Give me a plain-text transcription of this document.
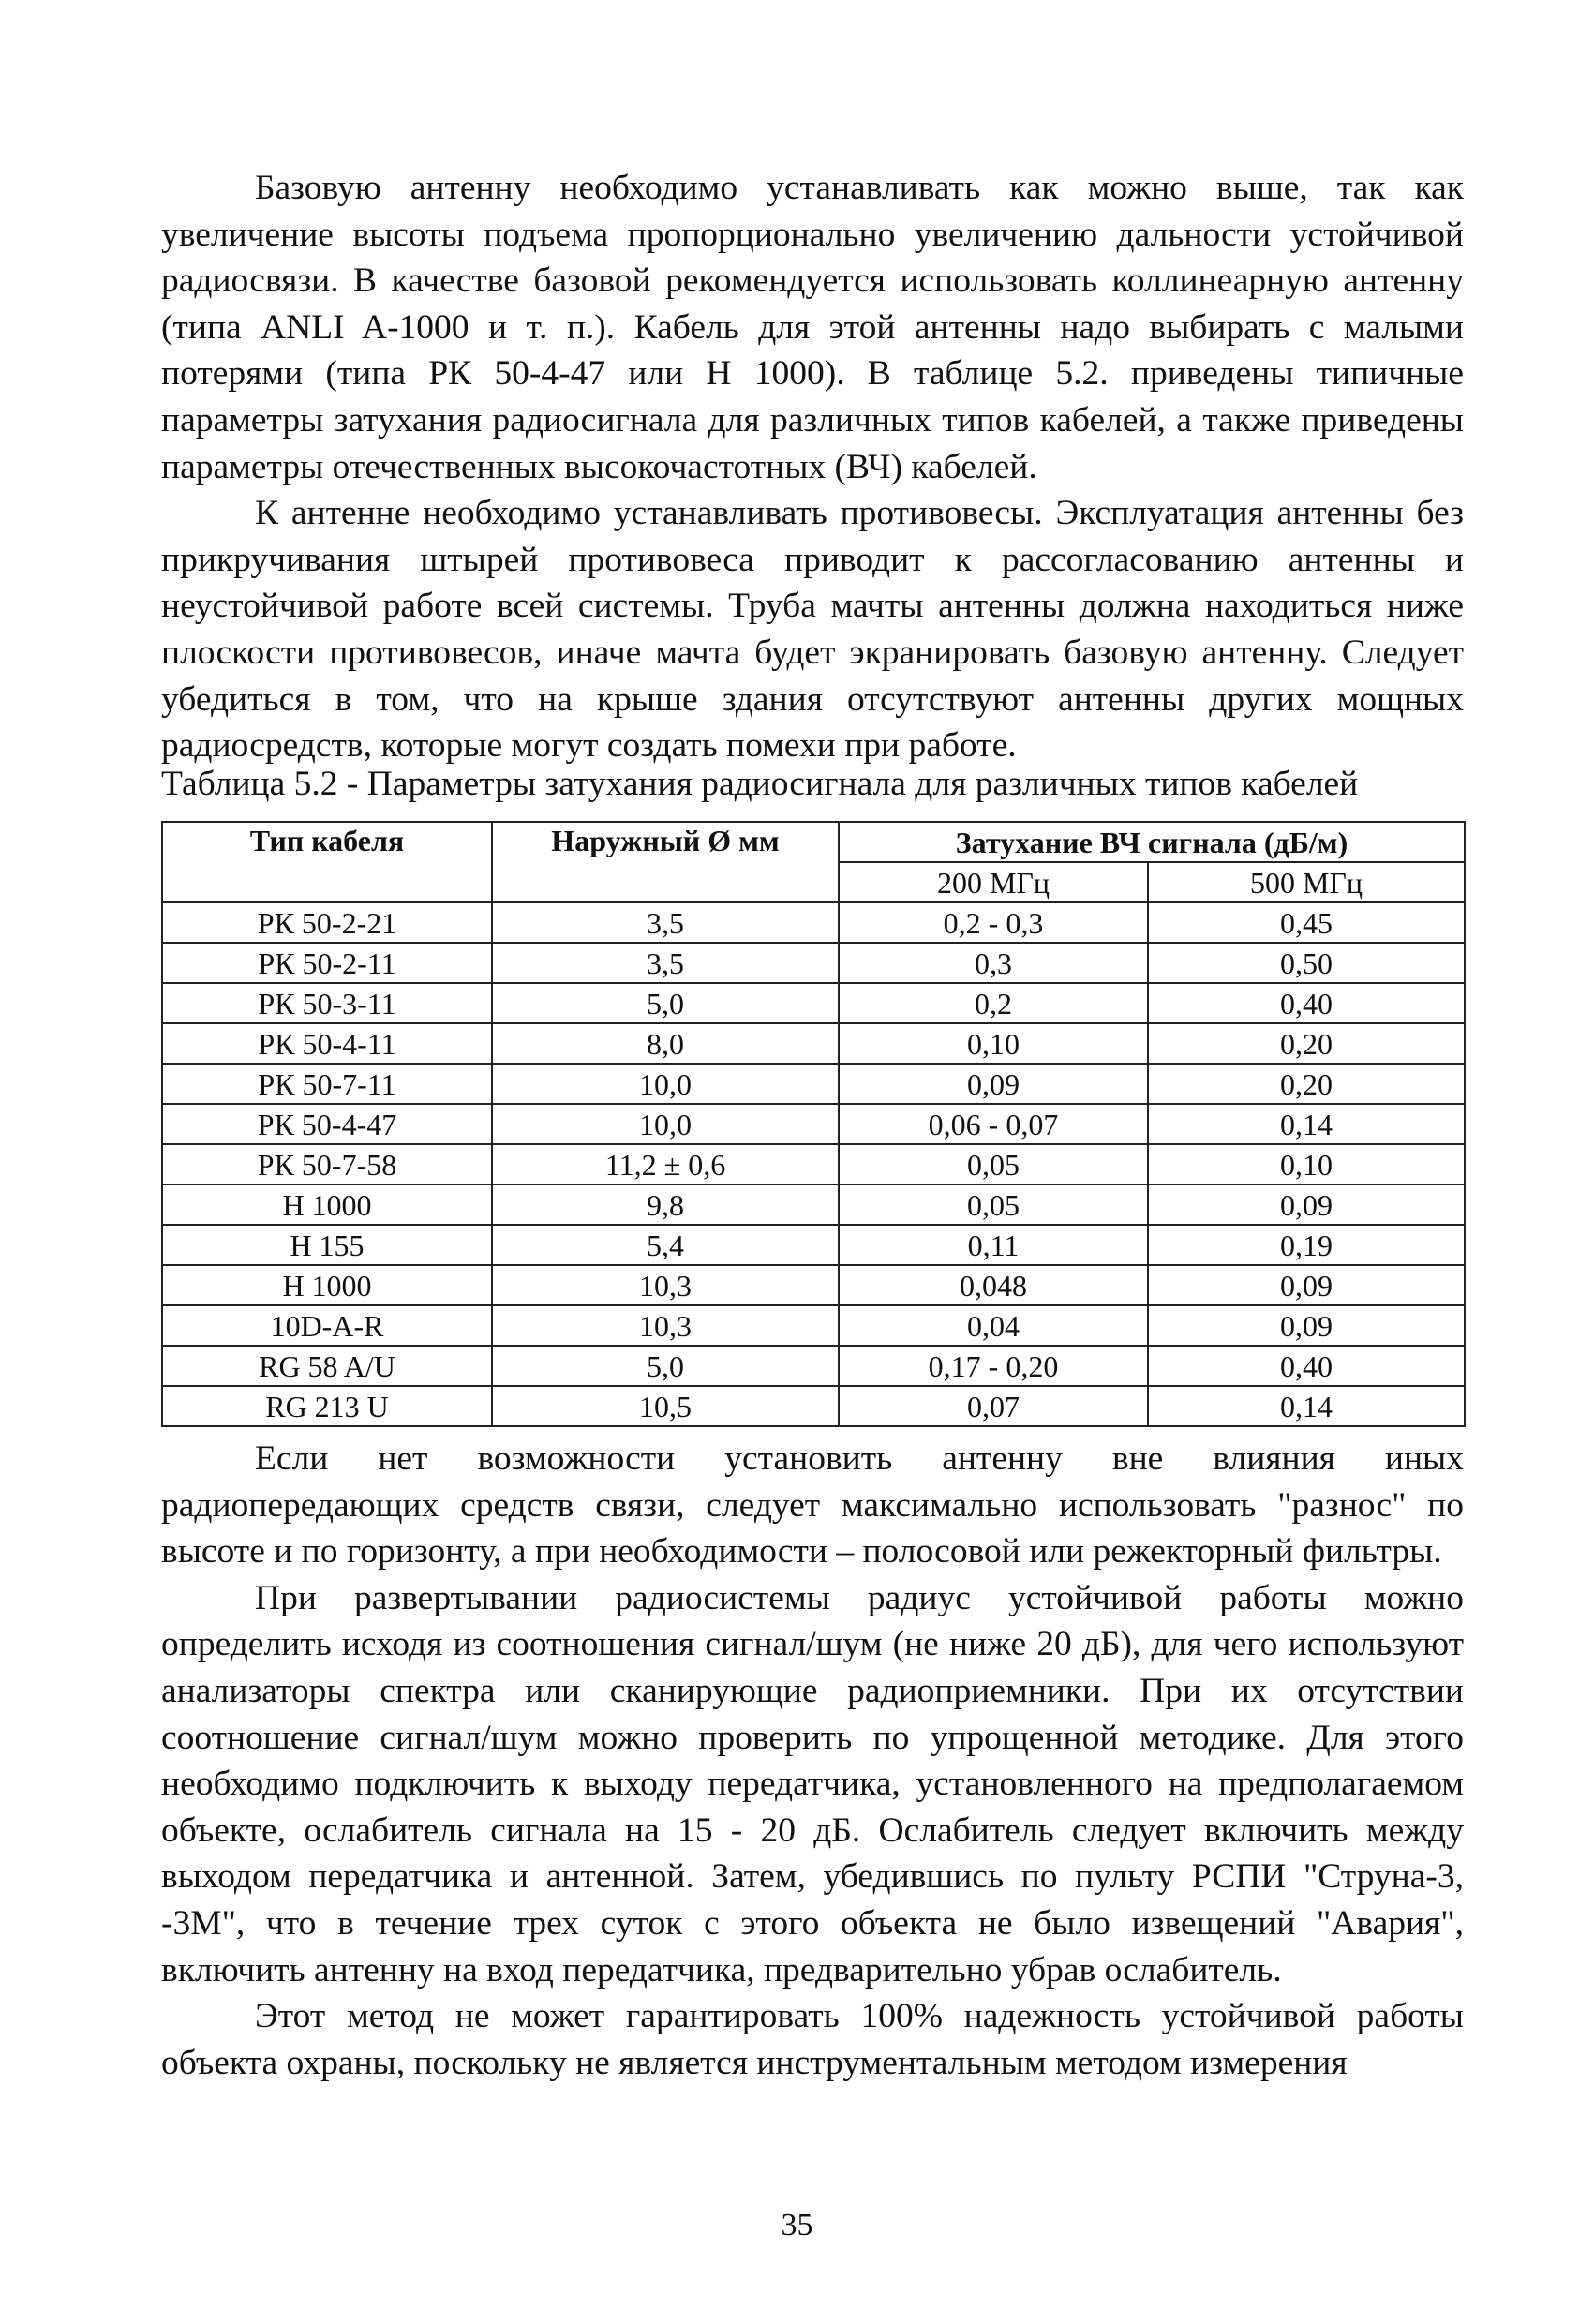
Базовую антенну необходимо устанавливать как можно выше, так как увеличение высоты подъема пропорционально увеличению дальности устойчивой радиосвязи. В качестве базовой рекомендуется использовать коллинеарную антенну (типа ANLI A-1000 и т. п.). Кабель для этой антенны надо выбирать с малыми потерями (типа РК 50-4-47 или Н 1000). В таблице 5.2. приведены типичные параметры затухания радиосигнала для различных типов кабелей, а также приведены параметры отечественных высокочастотных (ВЧ) кабелей.

К антенне необходимо устанавливать противовесы. Эксплуатация антенны без прикручивания штырей противовеса приводит к рассогласованию антенны и неустойчивой работе всей системы. Труба мачты антенны должна находиться ниже плоскости противовесов, иначе мачта будет экранировать базовую антенну. Следует убедиться в том, что на крыше здания отсутствуют антенны других мощных радиосредств, которые могут создать помехи при работе.

Таблица 5.2 - Параметры затухания радиосигнала для различных типов кабелей
Тип кабеля	Наружный Ø мм	Затухание ВЧ сигнала (дБ/м)	
		200 МГц	500 МГц
РК 50-2-21	3,5	0,2 - 0,3	0,45
РК 50-2-11	3,5	0,3	0,50
РК 50-3-11	5,0	0,2	0,40
РК 50-4-11	8,0	0,10	0,20
РК 50-7-11	10,0	0,09	0,20
РК 50-4-47	10,0	0,06 - 0,07	0,14
РК 50-7-58	11,2 ± 0,6	0,05	0,10
Н 1000	9,8	0,05	0,09
Н 155	5,4	0,11	0,19
Н 1000	10,3	0,048	0,09
10D-A-R	10,3	0,04	0,09
RG 58 A/U	5,0	0,17 - 0,20	0,40
RG 213 U	10,5	0,07	0,14

Если нет возможности установить антенну вне влияния иных радиопередающих средств связи, следует максимально использовать "разнос" по высоте и по горизонту, а при необходимости – полосовой или режекторный фильтры.

При развертывании радиосистемы радиус устойчивой работы можно определить исходя из соотношения сигнал/шум (не ниже 20 дБ), для чего используют анализаторы спектра или сканирующие радиоприемники. При их отсутствии соотношение сигнал/шум можно проверить по упрощенной методике. Для этого необходимо подключить к выходу передатчика, установленного на предполагаемом объекте, ослабитель сигнала на 15 - 20 дБ. Ослабитель следует включить между выходом передатчика и антенной. Затем, убедившись по пульту РСПИ "Струна-3, -3М", что в течение трех суток с этого объекта не было извещений "Авария", включить антенну на вход передатчика, предварительно убрав ослабитель.

Этот метод не может гарантировать 100% надежность устойчивой работы объекта охраны, поскольку не является инструментальным методом измерения

35
